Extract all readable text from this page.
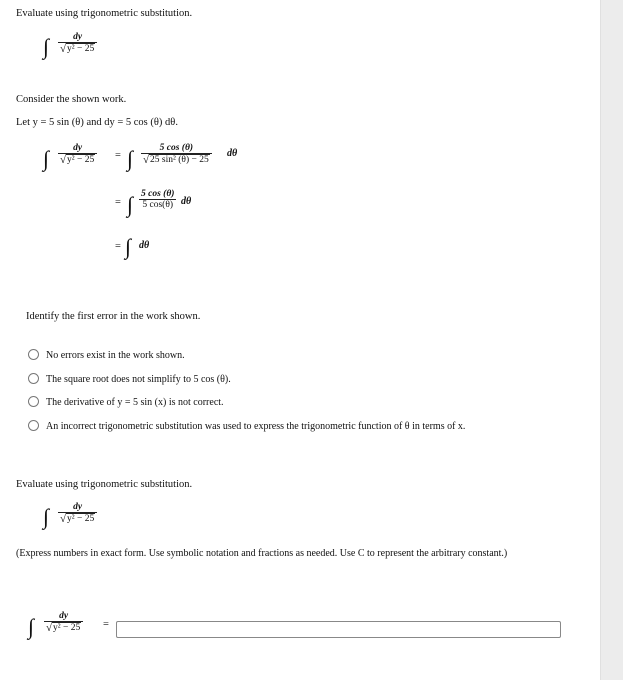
Evaluate using trigonometric substitution.
∫	dy
√ y² − 25
Consider the shown work.
Let y = 5 sin (θ) and dy = 5 cos (θ) dθ.
∫	dy
√ y² − 25 = ∫	5 cos (θ)
√ 25 sin² (θ) − 25
dθ
= ∫ 5 cos (θ)
5 cos(θ) dθ
= ∫ dθ
Identify the first error in the work shown.
No errors exist in the work shown.
The square root does not simplify to 5 cos (θ).
The derivative of y = 5 sin (x) is not correct.
An incorrect trigonometric substitution was used to express the trigonometric function of θ in terms of x.
Evaluate using trigonometric substitution.
∫	dy
√ y² − 25
(Express numbers in exact form. Use symbolic notation and fractions as needed. Use C to represent the arbitrary constant.)
∫	dy
√ y² − 25 =
